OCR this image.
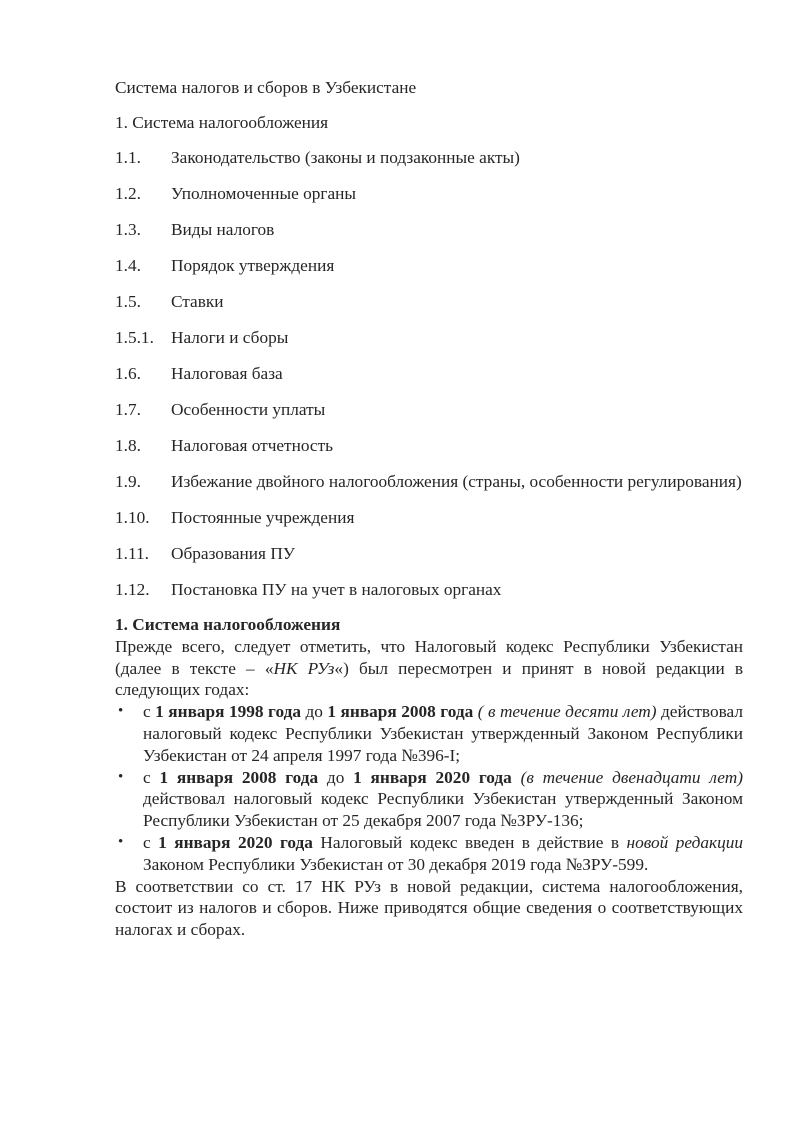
Система налогов и сборов в Узбекистане
1. Система налогообложения
1.1. Законодательство (законы и подзаконные акты)
1.2. Уполномоченные органы
1.3. Виды налогов
1.4. Порядок утверждения
1.5. Ставки
1.5.1. Налоги и сборы
1.6. Налоговая база
1.7. Особенности уплаты
1.8. Налоговая отчетность
1.9. Избежание двойного налогообложения (страны, особенности регулирования)
1.10. Постоянные учреждения
1.11. Образования ПУ
1.12. Постановка ПУ на учет в налоговых органах
1. Система налогообложения

Прежде всего, следует отметить, что Налоговый кодекс Республики Узбекистан (далее в тексте – «НК РУз«) был пересмотрен и принят в новой редакции в следующих годах:

• с 1 января 1998 года до 1 января 2008 года ( в течение десяти лет) действовал налоговый кодекс Республики Узбекистан утвержденный Законом Республики Узбекистан от 24 апреля 1997 года №396-I;
• с 1 января 2008 года до 1 января 2020 года (в течение двенадцати лет) действовал налоговый кодекс Республики Узбекистан утвержденный Законом Республики Узбекистан от 25 декабря 2007 года №ЗРУ-136;
• с 1 января 2020 года Налоговый кодекс введен в действие в новой редакции Законом Республики Узбекистан от 30 декабря 2019 года №ЗРУ-599.

В соответствии со ст. 17 НК РУз в новой редакции, система налогообложения, состоит из налогов и сборов. Ниже приводятся общие сведения о соответствующих налогах и сборах.
